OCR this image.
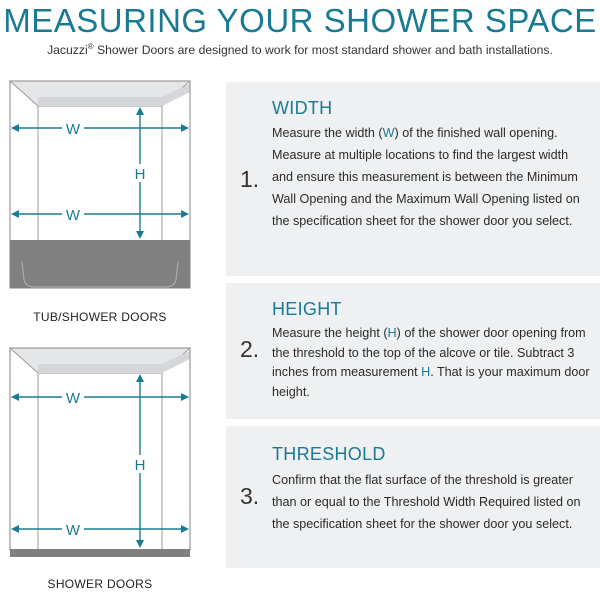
MEASURING YOUR SHOWER SPACE
Jacuzzi® Shower Doors are designed to work for most standard shower and bath installations.
W
W
H
TUB/SHOWER DOORS
W
W
H
SHOWER DOORS
WIDTH
1.
Measure the width (W) of the finished wall opening. Measure at multiple locations to find the largest width and ensure this measurement is between the Minimum Wall Opening and the Maximum Wall Opening listed on the specification sheet for the shower door you select.
HEIGHT
2.
Measure the height (H) of the shower door opening from the threshold to the top of the alcove or tile. Subtract 3 inches from measurement H. That is your maximum door height.
THRESHOLD
3.
Confirm that the flat surface of the threshold is greater than or equal to the Threshold Width Required listed on the specification sheet for the shower door you select.
